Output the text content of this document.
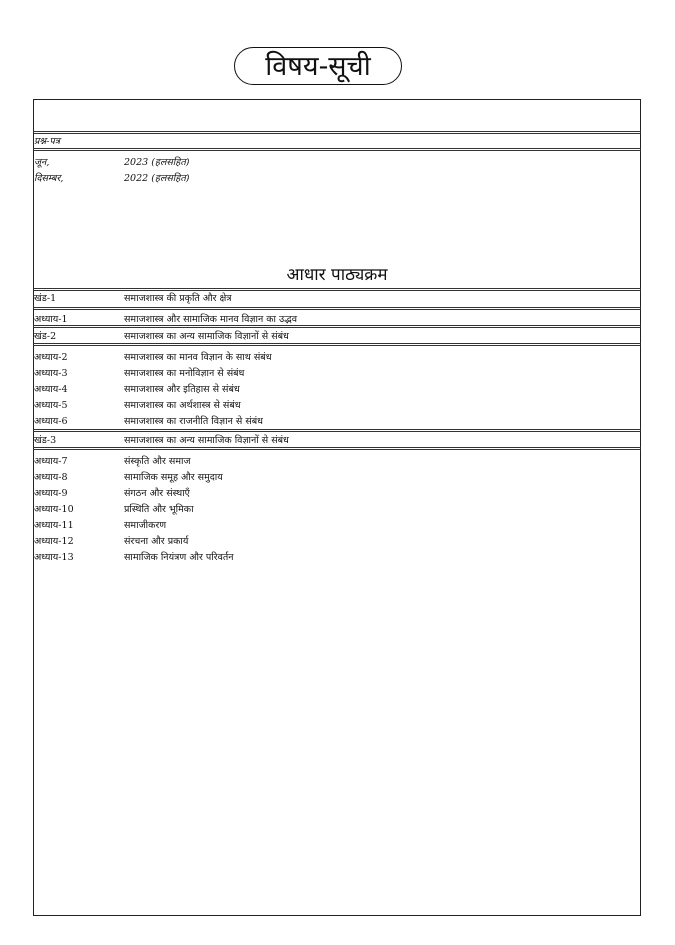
विषय-सूची
प्रश्न-पत्र
जून,	2023 (हलसहित)
दिसम्बर,	2022 (हलसहित)
आधार पाठ्यक्रम
खंड-1	समाजशास्त्र की प्रकृति और क्षेत्र
अध्याय-1	समाजशास्त्र और सामाजिक मानव विज्ञान का उद्भव
खंड-2	समाजशास्त्र का अन्य सामाजिक विज्ञानों से संबंध
अध्याय-2	समाजशास्त्र का मानव विज्ञान के साथ संबंध
अध्याय-3	समाजशास्त्र का मनोविज्ञान से संबंध
अध्याय-4	समाजशास्त्र और इतिहास से संबंध
अध्याय-5	समाजशास्त्र का अर्थशास्त्र से संबंध
अध्याय-6	समाजशास्त्र का राजनीति विज्ञान से संबंध
खंड-3	समाजशास्त्र का अन्य सामाजिक विज्ञानों से संबंध
अध्याय-7	संस्कृति और समाज
अध्याय-8	सामाजिक समूह और समुदाय
अध्याय-9	संगठन और संस्थाएँ
अध्याय-10	प्रस्थिति और भूमिका
अध्याय-11	समाजीकरण
अध्याय-12	संरचना और प्रकार्य
अध्याय-13	सामाजिक नियंत्रण और परिवर्तन
